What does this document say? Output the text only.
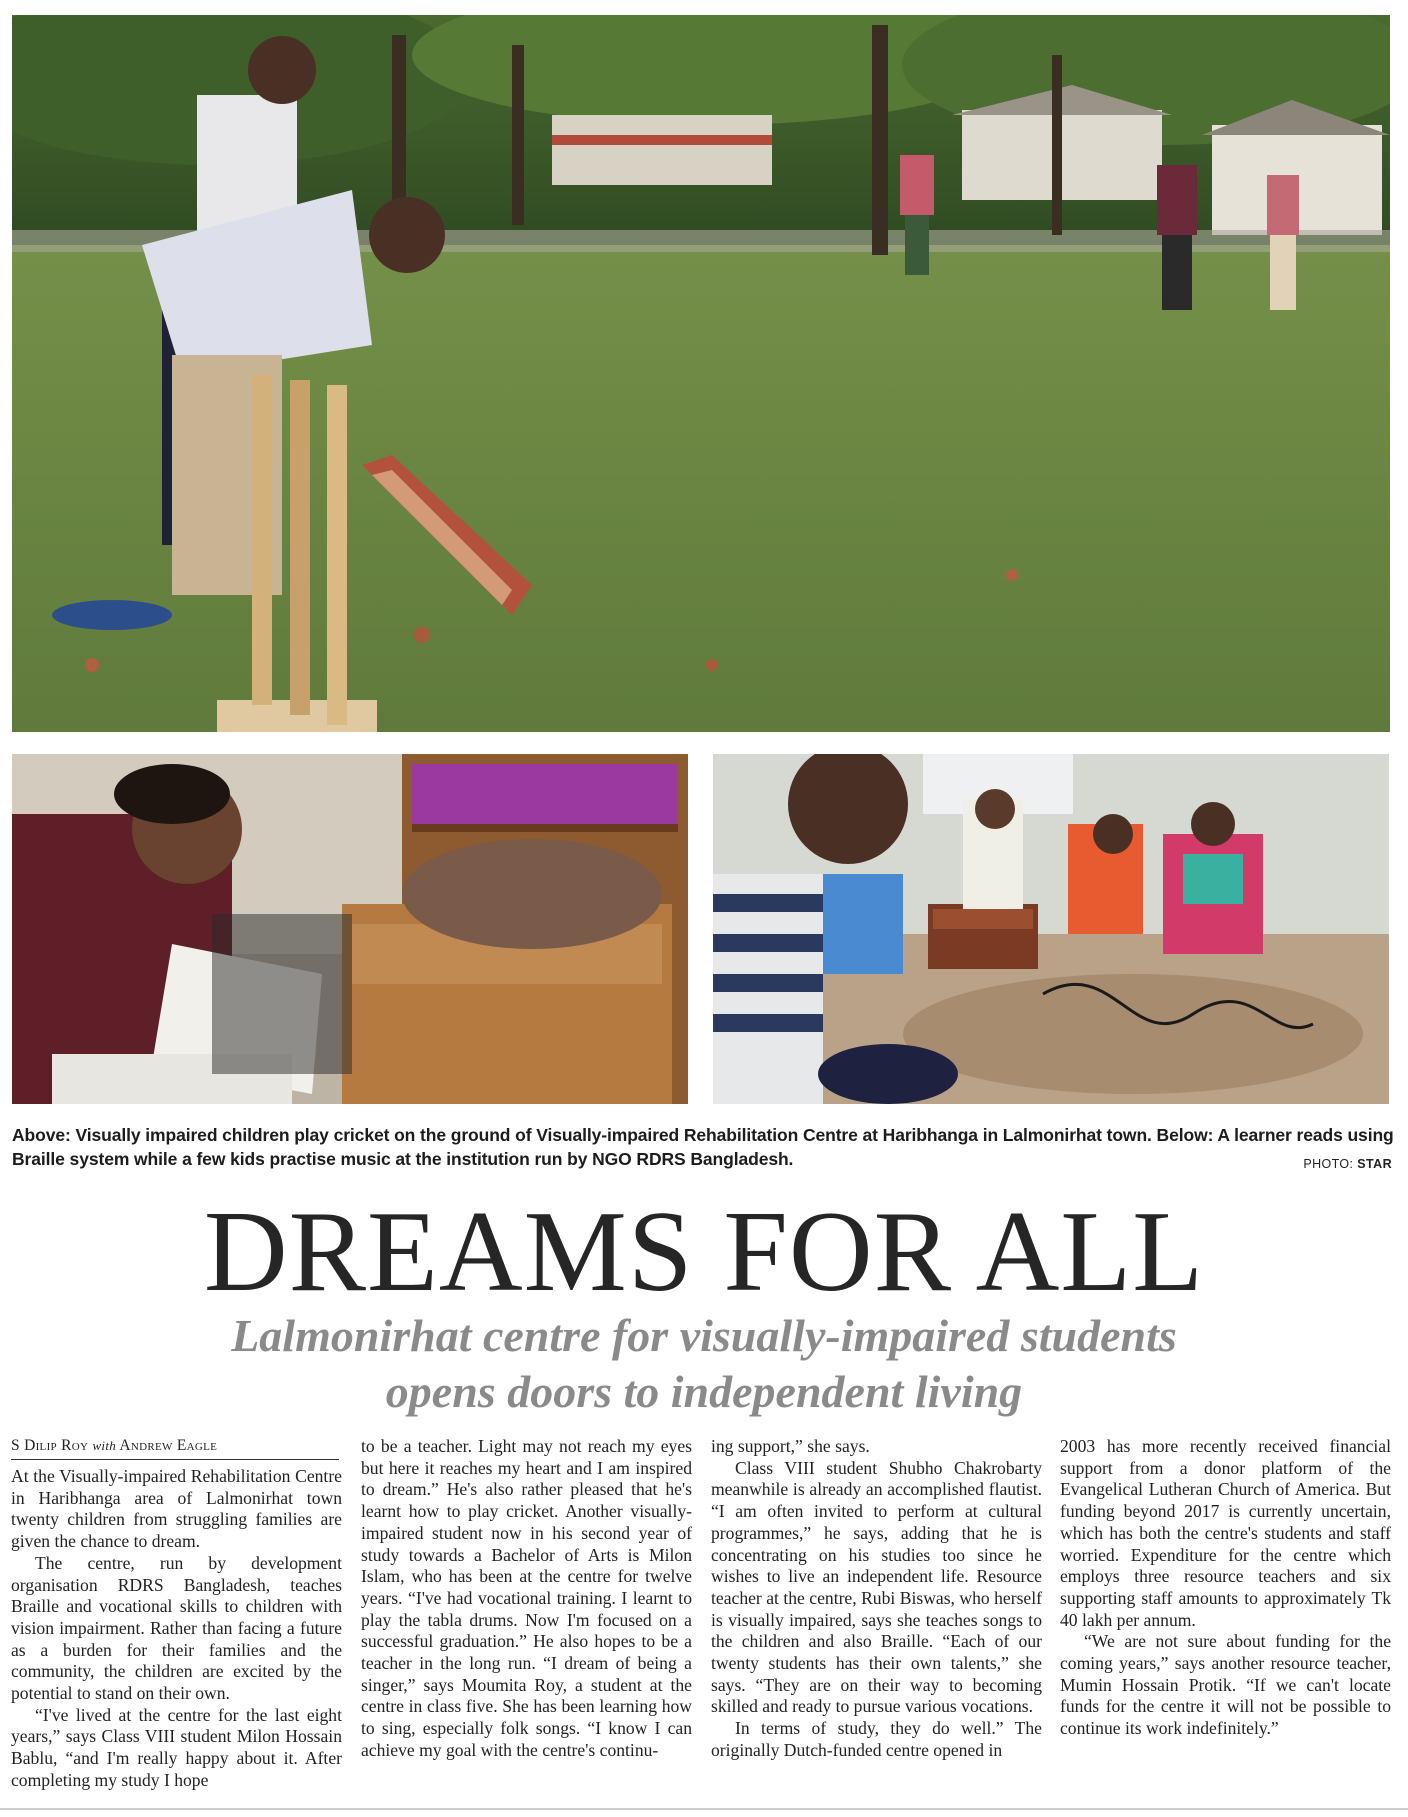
Above: Visually impaired children play cricket on the ground of Visually-impaired Rehabilitation Centre at Haribhanga in Lalmonirhat town. Below: A learner reads using Braille system while a few kids practise music at the institution run by NGO RDRS Bangladesh.	PHOTO: STAR
DREAMS FOR ALL
Lalmonirhat centre for visually-impaired students
opens doors to independent living
S Dilip Roy with Andrew Eagle

At the Visually-impaired Rehabilitation Centre in Haribhanga area of Lalmonirhat town twenty children from struggling families are given the chance to dream.

The centre, run by development organisation RDRS Bangladesh, teaches Braille and vocational skills to children with vision impairment. Rather than facing a future as a burden for their families and the community, the children are excited by the potential to stand on their own.

“I've lived at the centre for the last eight years,” says Class VIII student Milon Hossain Bablu, “and I'm really happy about it. After completing my study I hope

to be a teacher. Light may not reach my eyes but here it reaches my heart and I am inspired to dream.” He's also rather pleased that he's learnt how to play cricket. Another visually-impaired student now in his second year of study towards a Bachelor of Arts is Milon Islam, who has been at the centre for twelve years. “I've had vocational training. I learnt to play the tabla drums. Now I'm focused on a successful graduation.” He also hopes to be a teacher in the long run. “I dream of being a singer,” says Moumita Roy, a student at the centre in class five. She has been learning how to sing, especially folk songs. “I know I can achieve my goal with the centre's continu-

ing support,” she says.

Class VIII student Shubho Chakrobarty meanwhile is already an accomplished flautist. “I am often invited to perform at cultural programmes,” he says, adding that he is concentrating on his studies too since he wishes to live an independent life. Resource teacher at the centre, Rubi Biswas, who herself is visually impaired, says she teaches songs to the children and also Braille. “Each of our twenty students has their own talents,” she says. “They are on their way to becoming skilled and ready to pursue various vocations.

In terms of study, they do well.” The originally Dutch-funded centre opened in

2003 has more recently received financial support from a donor platform of the Evangelical Lutheran Church of America. But funding beyond 2017 is currently uncertain, which has both the centre's students and staff worried. Expenditure for the centre which employs three resource teachers and six supporting staff amounts to approximately Tk 40 lakh per annum.

“We are not sure about funding for the coming years,” says another resource teacher, Mumin Hossain Protik. “If we can't locate funds for the centre it will not be possible to continue its work indefinitely.”
